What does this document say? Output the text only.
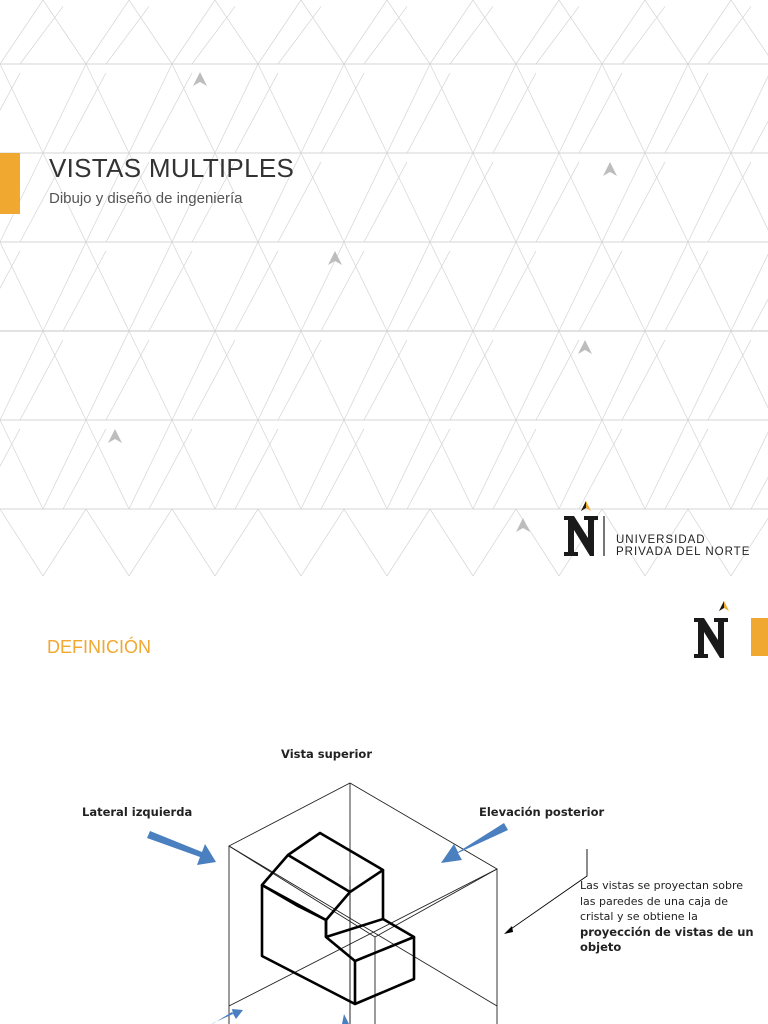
VISTAS MULTIPLES
Dibujo y diseño de ingeniería
UNIVERSIDAD
PRIVADA DEL NORTE
DEFINICIÓN
Vista superior
Lateral izquierda	Elevación posterior
Las vistas se proyectan sobre las paredes de una caja de cristal y se obtiene la proyección de vistas de un objeto
